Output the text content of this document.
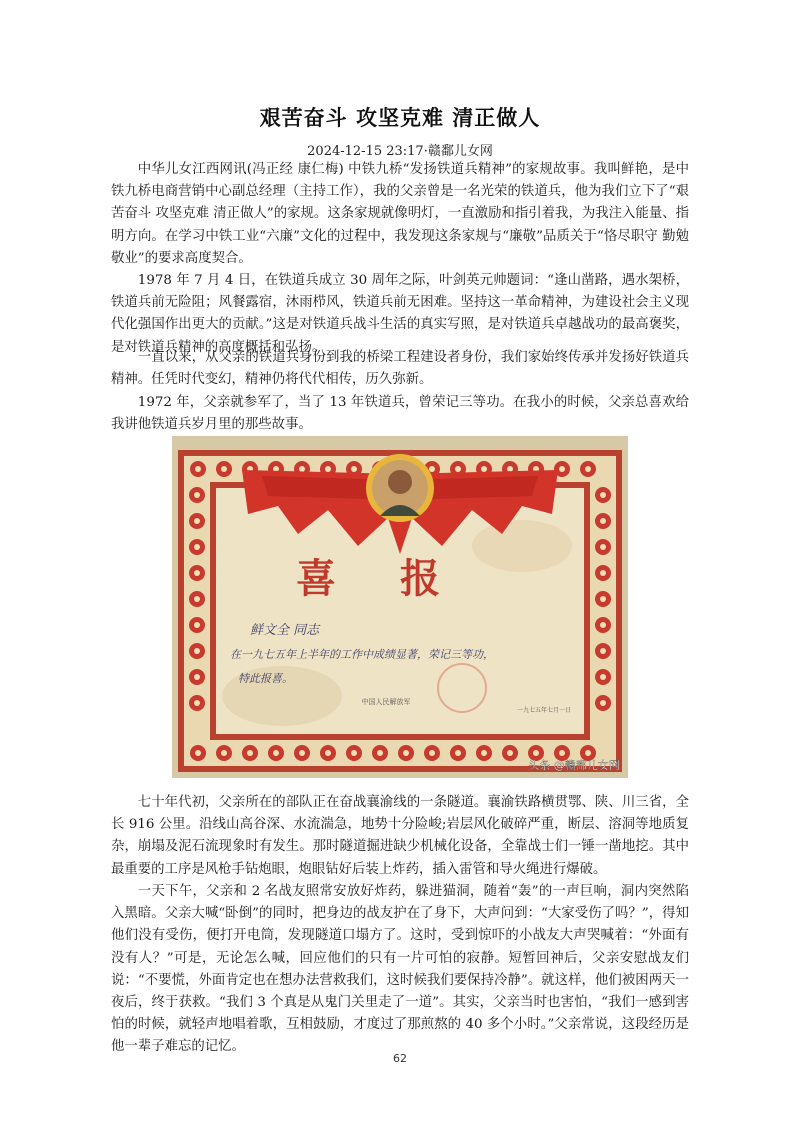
艰苦奋斗 攻坚克难 清正做人
2024-12-15 23:17·赣鄱儿女网

中华儿女江西网讯(冯正经 康仁梅) 中铁九桥“发扬铁道兵精神”的家规故事。我叫鲜艳，是中铁九桥电商营销中心副总经理（主持工作），我的父亲曾是一名光荣的铁道兵，他为我们立下了“艰苦奋斗 攻坚克难 清正做人”的家规。这条家规就像明灯，一直激励和指引着我，为我注入能量、指明方向。在学习中铁工业“六廉”文化的过程中，我发现这条家规与“廉敬”品质关于“恪尽职守 勤勉敬业”的要求高度契合。

1978 年 7 月 4 日，在铁道兵成立 30 周年之际，叶剑英元帅题词：“逢山凿路，遇水架桥，铁道兵前无险阻；风餐露宿，沐雨栉风，铁道兵前无困难。坚持这一革命精神，为建设社会主义现代化强国作出更大的贡献。”这是对铁道兵战斗生活的真实写照，是对铁道兵卓越战功的最高褒奖，是对铁道兵精神的高度概括和弘扬。

一直以来，从父亲的铁道兵身份到我的桥梁工程建设者身份，我们家始终传承并发扬好铁道兵精神。任凭时代变幻，精神仍将代代相传，历久弥新。

1972 年，父亲就参军了，当了 13 年铁道兵，曾荣记三等功。在我小的时候，父亲总喜欢给我讲他铁道兵岁月里的那些故事。

喜报
鲜文全 同志
在一九七五年上半年的工作中成绩显著，荣记三等功，
特此报喜。
中国人民解放军
一九七五年七月一日
头条 @赣鄱儿女网

七十年代初，父亲所在的部队正在奋战襄渝线的一条隧道。襄渝铁路横贯鄂、陕、川三省，全长 916 公里。沿线山高谷深、水流湍急，地势十分险峻;岩层风化破碎严重，断层、溶洞等地质复杂，崩塌及泥石流现象时有发生。那时隧道掘进缺少机械化设备，全靠战士们一锤一凿地挖。其中最重要的工序是风枪手钻炮眼，炮眼钻好后装上炸药，插入雷管和导火绳进行爆破。

一天下午，父亲和 2 名战友照常安放好炸药，躲进猫洞，随着“轰”的一声巨响，洞内突然陷入黑暗。父亲大喊“卧倒”的同时，把身边的战友护在了身下，大声问到：“大家受伤了吗？”，得知他们没有受伤，便打开电筒，发现隧道口塌方了。这时，受到惊吓的小战友大声哭喊着：“外面有没有人？”可是，无论怎么喊，回应他们的只有一片可怕的寂静。短暂回神后，父亲安慰战友们说：“不要慌，外面肯定也在想办法营救我们，这时候我们要保持冷静”。就这样，他们被困两天一夜后，终于获救。“我们 3 个真是从鬼门关里走了一道”。其实，父亲当时也害怕，“我们一感到害怕的时候，就轻声地唱着歌，互相鼓励，才度过了那煎熬的 40 多个小时。”父亲常说，这段经历是他一辈子难忘的记忆。

62
